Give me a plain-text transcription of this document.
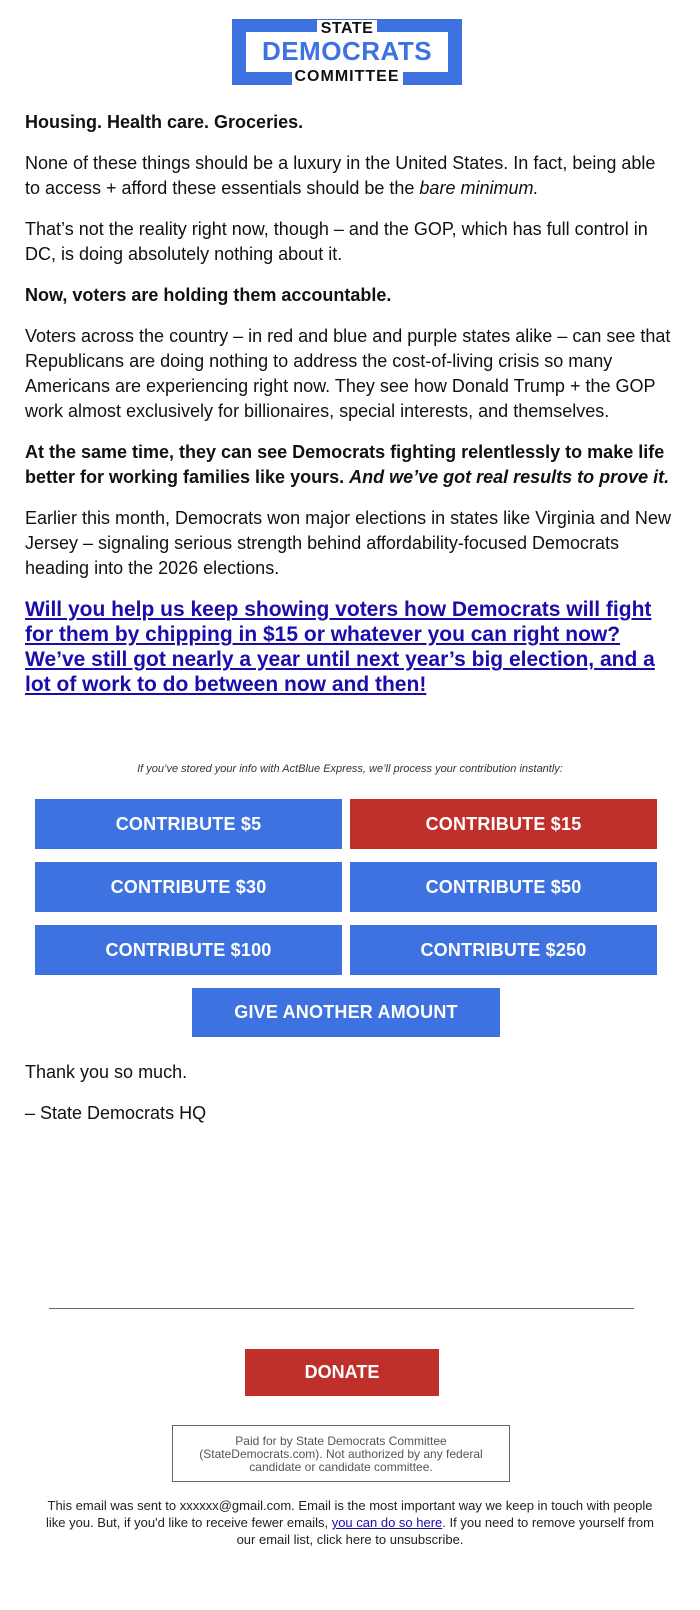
STATE
DEMOCRATS
COMMITTEE

Housing. Health care. Groceries.

None of these things should be a luxury in the United States. In fact, being able to access + afford these essentials should be the bare minimum.

That’s not the reality right now, though – and the GOP, which has full control in DC, is doing absolutely nothing about it.

Now, voters are holding them accountable.

Voters across the country – in red and blue and purple states alike – can see that Republicans are doing nothing to address the cost-of-living crisis so many Americans are experiencing right now. They see how Donald Trump + the GOP work almost exclusively for billionaires, special interests, and themselves.

At the same time, they can see Democrats fighting relentlessly to make life better for working families like yours. And we’ve got real results to prove it.

Earlier this month, Democrats won major elections in states like Virginia and New Jersey – signaling serious strength behind affordability-focused Democrats heading into the 2026 elections.

Will you help us keep showing voters how Democrats will fight for them by chipping in $15 or whatever you can right now? We’ve still got nearly a year until next year’s big election, and a lot of work to do between now and then!
If you’ve stored your info with ActBlue Express, we’ll process your contribution instantly:
CONTRIBUTE $5	CONTRIBUTE $15
CONTRIBUTE $30	CONTRIBUTE $50
CONTRIBUTE $100	CONTRIBUTE $250
GIVE ANOTHER AMOUNT

Thank you so much.

– State Democrats HQ

DONATE
Paid for by State Democrats Committee (StateDemocrats.com). Not authorized by any federal candidate or candidate committee.
This email was sent to xxxxxx@gmail.com. Email is the most important way we keep in touch with people like you. But, if you'd like to receive fewer emails, you can do so here. If you need to remove yourself from our email list, click here to unsubscribe.
